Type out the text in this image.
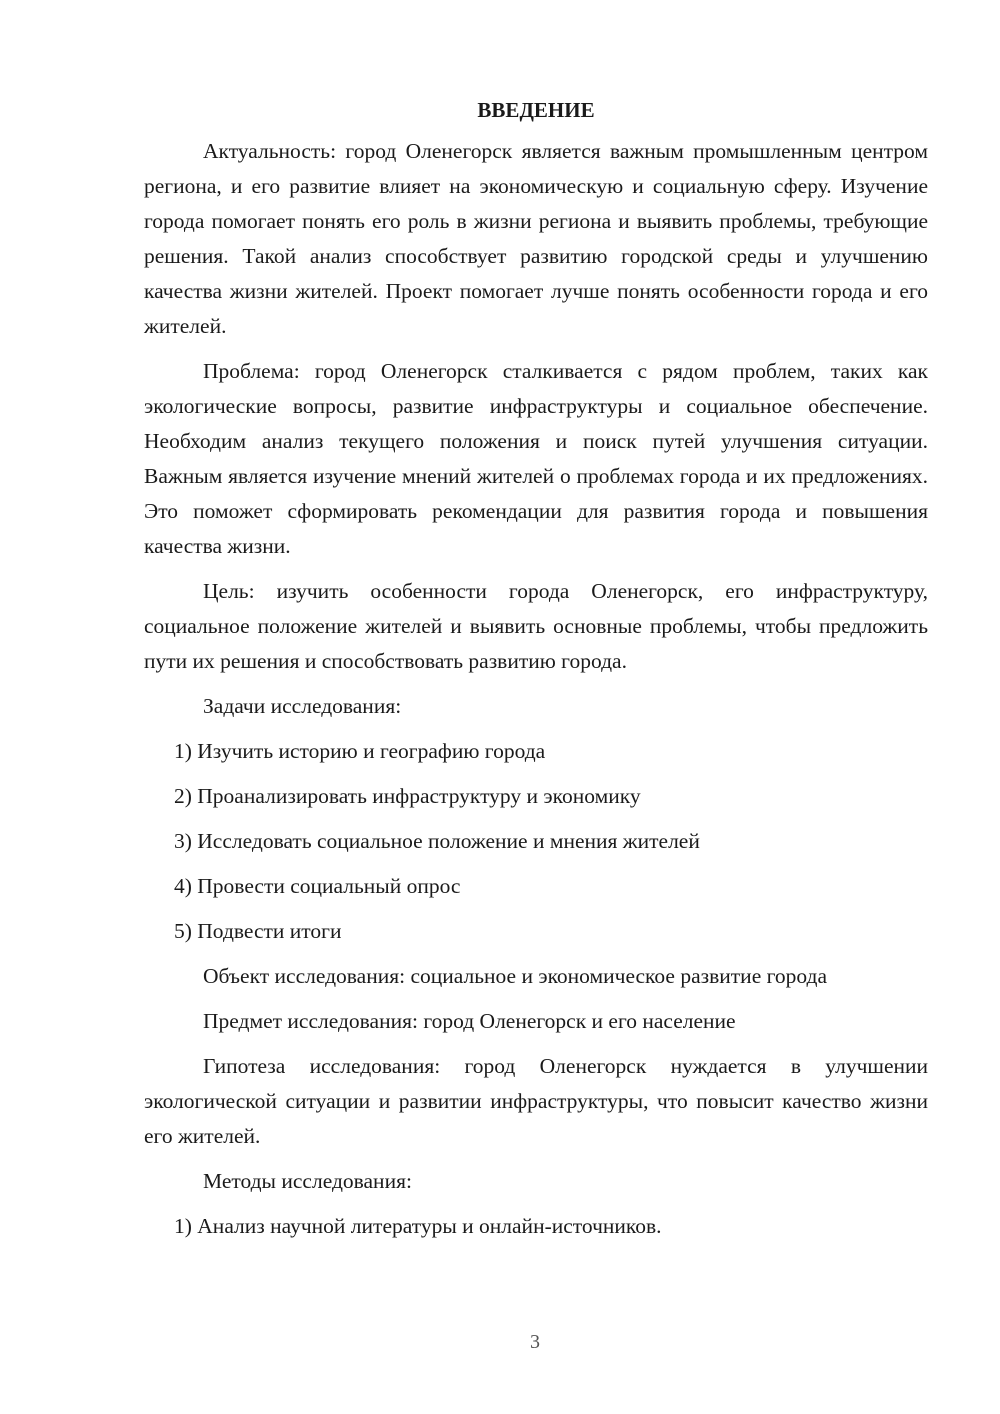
ВВЕДЕНИЕ

Актуальность: город Оленегорск является важным промышленным центром региона, и его развитие влияет на экономическую и социальную сферу. Изучение города помогает понять его роль в жизни региона и выявить проблемы, требующие решения. Такой анализ способствует развитию городской среды и улучшению качества жизни жителей. Проект помогает лучше понять особенности города и его жителей.

Проблема: город Оленегорск сталкивается с рядом проблем, таких как экологические вопросы, развитие инфраструктуры и социальное обеспечение. Необходим анализ текущего положения и поиск путей улучшения ситуации. Важным является изучение мнений жителей о проблемах города и их предложениях. Это поможет сформировать рекомендации для развития города и повышения качества жизни.

Цель: изучить особенности города Оленегорск, его инфраструктуру, социальное положение жителей и выявить основные проблемы, чтобы предложить пути их решения и способствовать развитию города.

Задачи исследования:
1) Изучить историю и географию города
2) Проанализировать инфраструктуру и экономику
3) Исследовать социальное положение и мнения жителей
4) Провести социальный опрос
5) Подвести итоги
Объект исследования: социальное и экономическое развитие города
Предмет исследования: город Оленегорск и его население

Гипотеза исследования: город Оленегорск нуждается в улучшении экологической ситуации и развитии инфраструктуры, что повысит качество жизни его жителей.

Методы исследования:
1) Анализ научной литературы и онлайн-источников.
3
